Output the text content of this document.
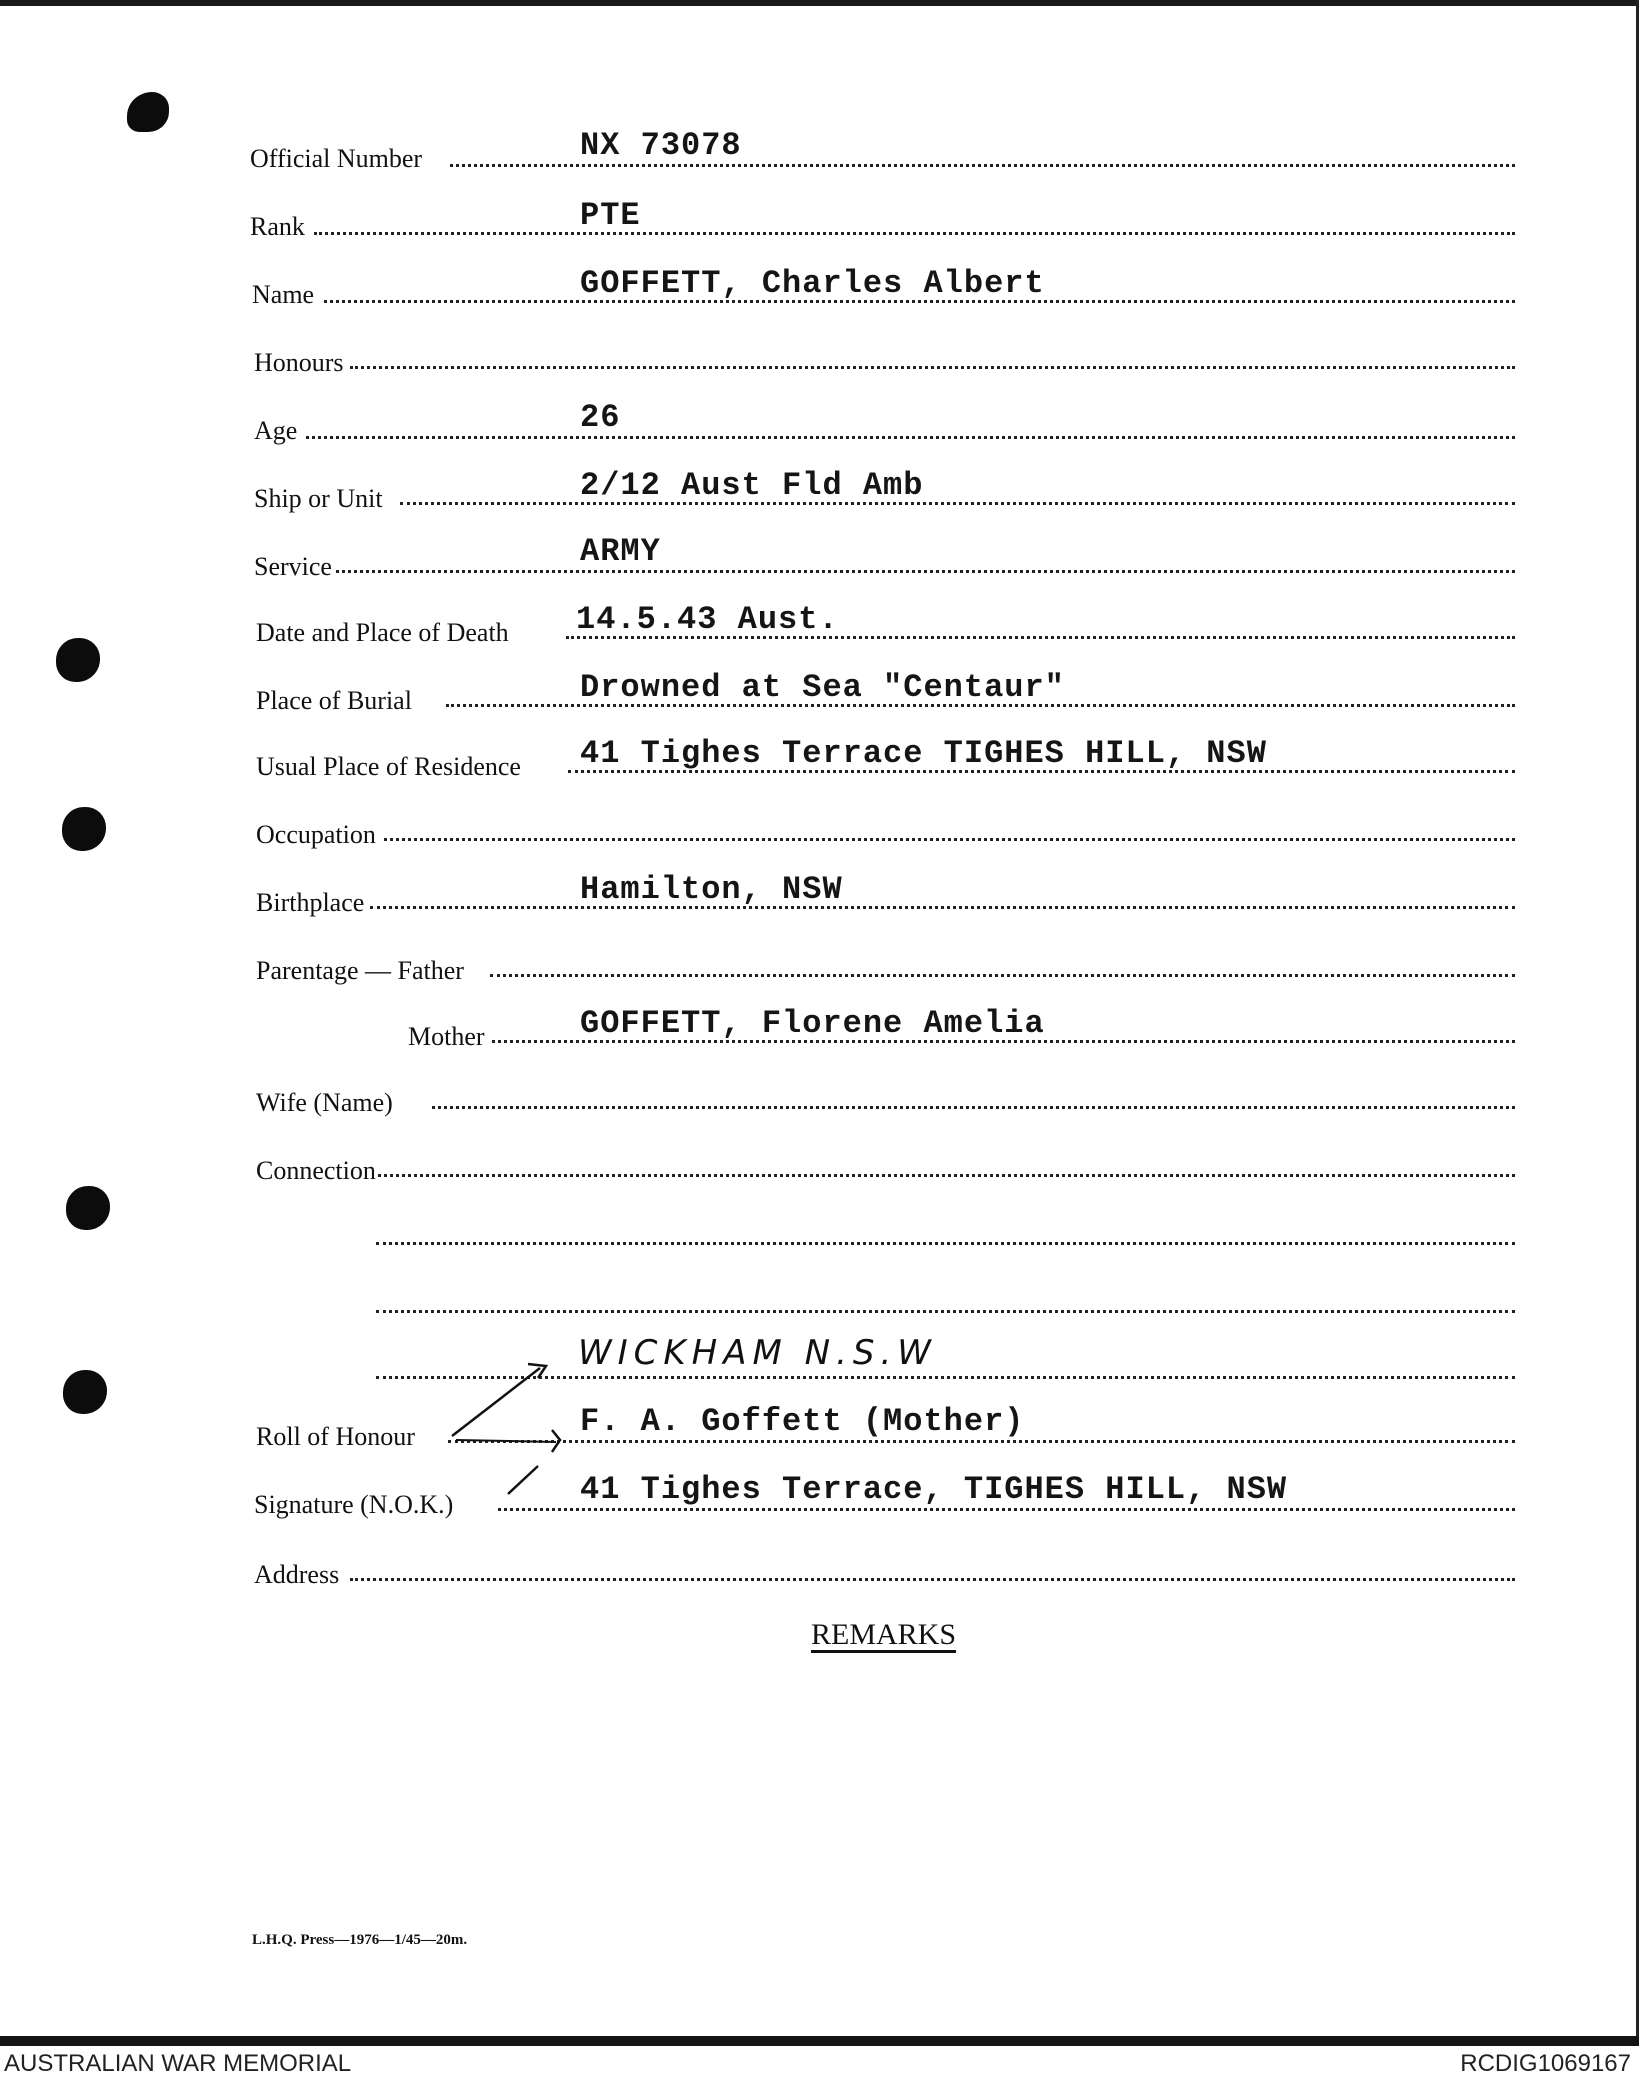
Official Number	NX 73078
Rank	PTE
Name	GOFFETT, Charles Albert
Honours
Age	26
Ship or Unit	2/12 Aust Fld Amb
Service	ARMY
Date and Place of Death 14.5.43 Aust.
Place of Burial	Drowned at Sea "Centaur"
Usual Place of Residence 41 Tighes Terrace TIGHES HILL, NSW
Occupation
Birthplace	Hamilton, NSW
Parentage — Father
Mother	GOFFETT, Florene Amelia
Wife (Name)
Connection
WICKHAM N.S.W
Roll of Honour	F. A. Goffett (Mother)
Signature (N.O.K.)	41 Tighes Terrace, TIGHES HILL, NSW
Address
REMARKS
L.H.Q. Press—1976—1/45—20m.
AUSTRALIAN WAR MEMORIAL	RCDIG1069167
